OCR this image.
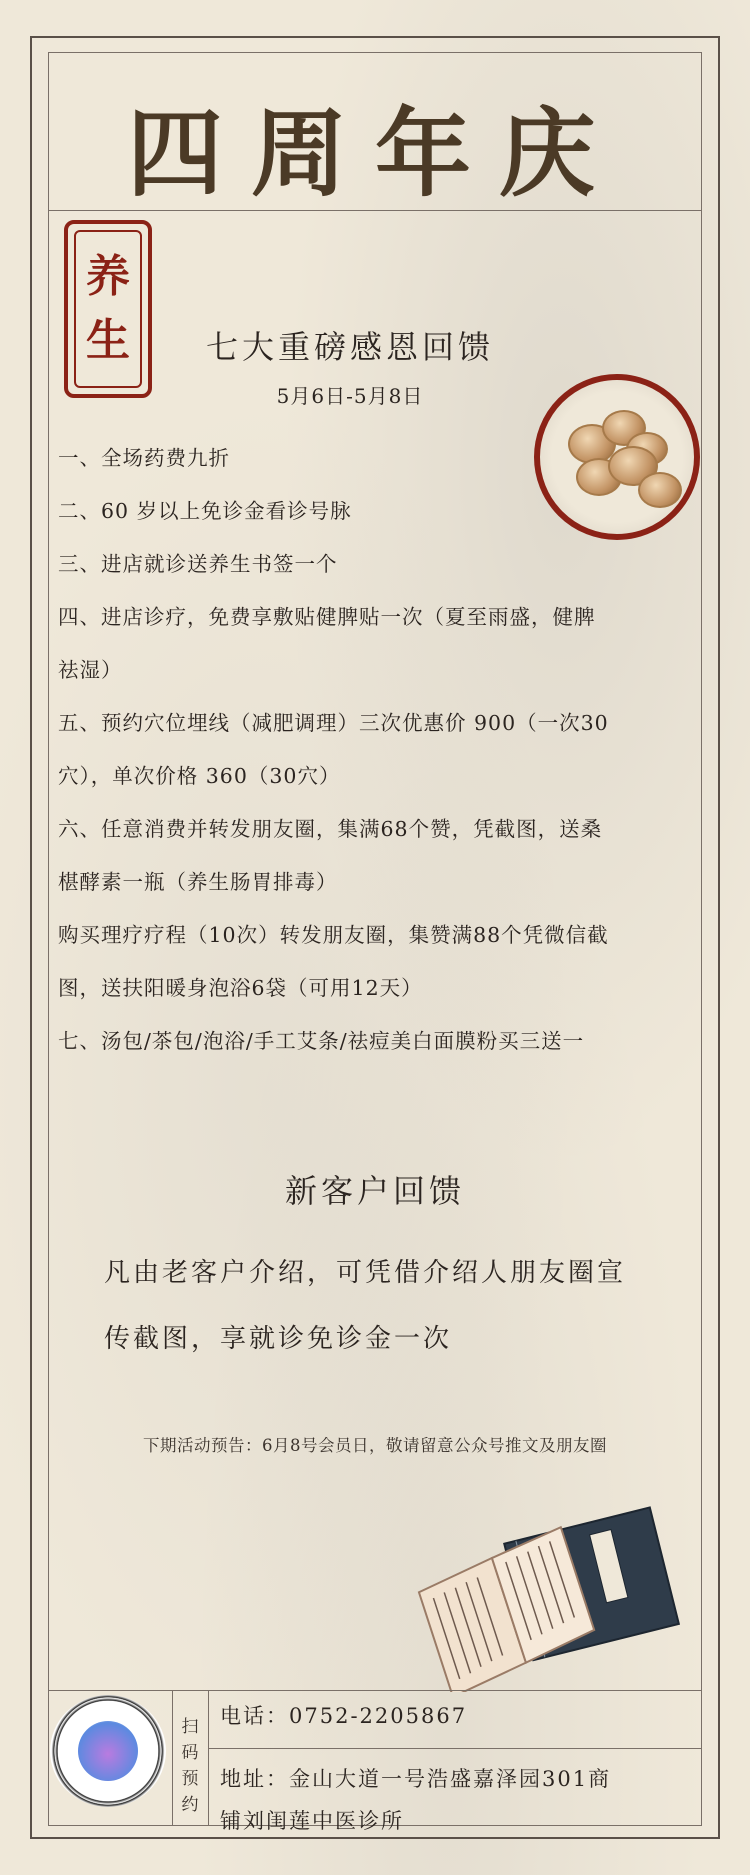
四周年庆
养
生	七大重磅感恩回馈
5月6日-5月8日

一、全场药费九折

二、60 岁以上免诊金看诊号脉

三、进店就诊送养生书签一个

四、进店诊疗，免费享敷贴健脾贴一次（夏至雨盛，健脾

祛湿）

五、预约穴位埋线（减肥调理）三次优惠价 900（一次30

穴），单次价格 360（30穴）

六、任意消费并转发朋友圈，集满68个赞，凭截图，送桑

椹酵素一瓶（养生肠胃排毒）

购买理疗疗程（10次）转发朋友圈，集赞满88个凭微信截

图，送扶阳暖身泡浴6袋（可用12天）

七、汤包/茶包/泡浴/手工艾条/祛痘美白面膜粉买三送一

新客户回馈

凡由老客户介绍，可凭借介绍人朋友圈宣

传截图，享就诊免诊金一次

下期活动预告：6月8号会员日，敬请留意公众号推文及朋友圈
扫
码
预
约
电话：0752-2205867
地址：金山大道一号浩盛嘉泽园301商
铺刘闺莲中医诊所
